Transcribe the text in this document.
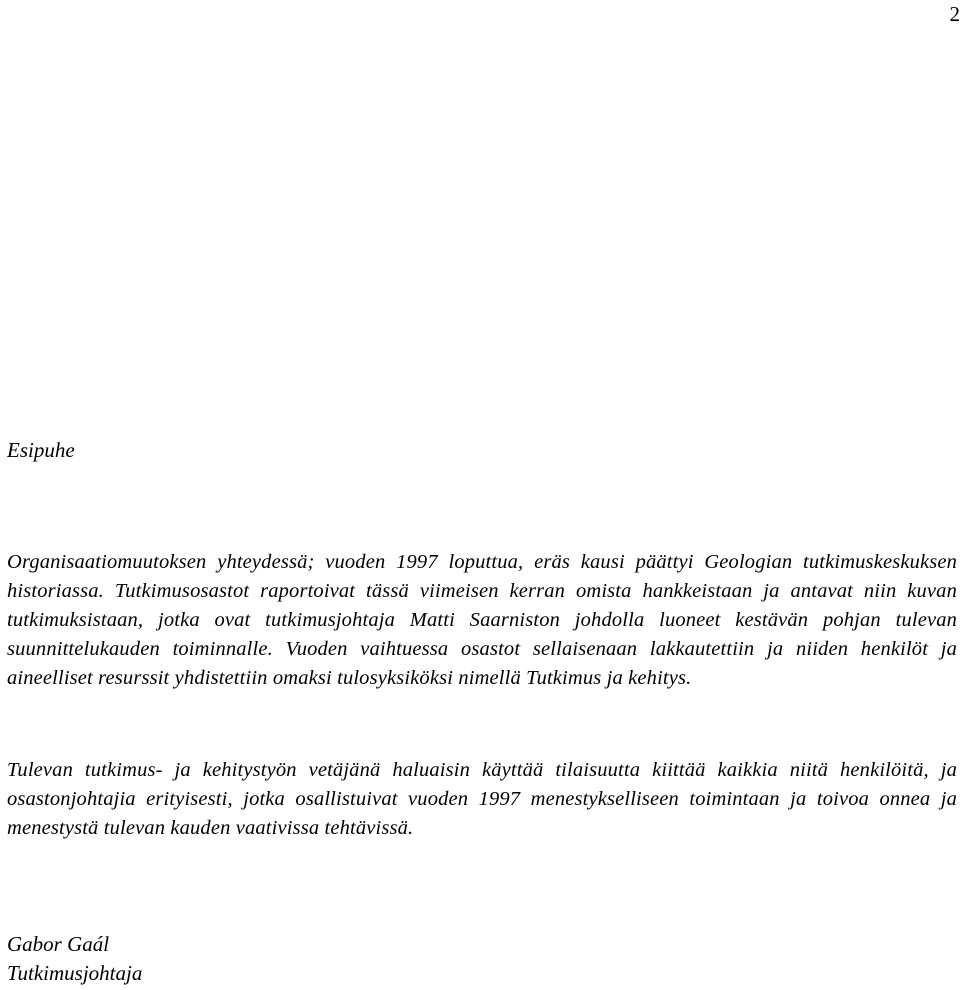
2
Esipuhe

Organisaatiomuutoksen yhteydessä; vuoden 1997 loputtua, eräs kausi päättyi Geologian tutkimuskeskuksen historiassa. Tutkimusosastot raportoivat tässä viimeisen kerran omista hankkeistaan ja antavat niin kuvan tutkimuksistaan, jotka ovat tutkimusjohtaja Matti Saarniston johdolla luoneet kestävän pohjan tulevan suunnittelukauden toiminnalle. Vuoden vaihtuessa osastot sellaisenaan lakkautettiin ja niiden henkilöt ja aineelliset resurssit yhdistettiin omaksi tulosyksiköksi nimellä Tutkimus ja kehitys.

Tulevan tutkimus- ja kehitystyön vetäjänä haluaisin käyttää tilaisuutta kiittää kaikkia niitä henkilöitä, ja osastonjohtajia erityisesti, jotka osallistuivat vuoden 1997 menestykselliseen toimintaan ja toivoa onnea ja menestystä tulevan kauden vaativissa tehtävissä.

Gabor Gaál
Tutkimusjohtaja
